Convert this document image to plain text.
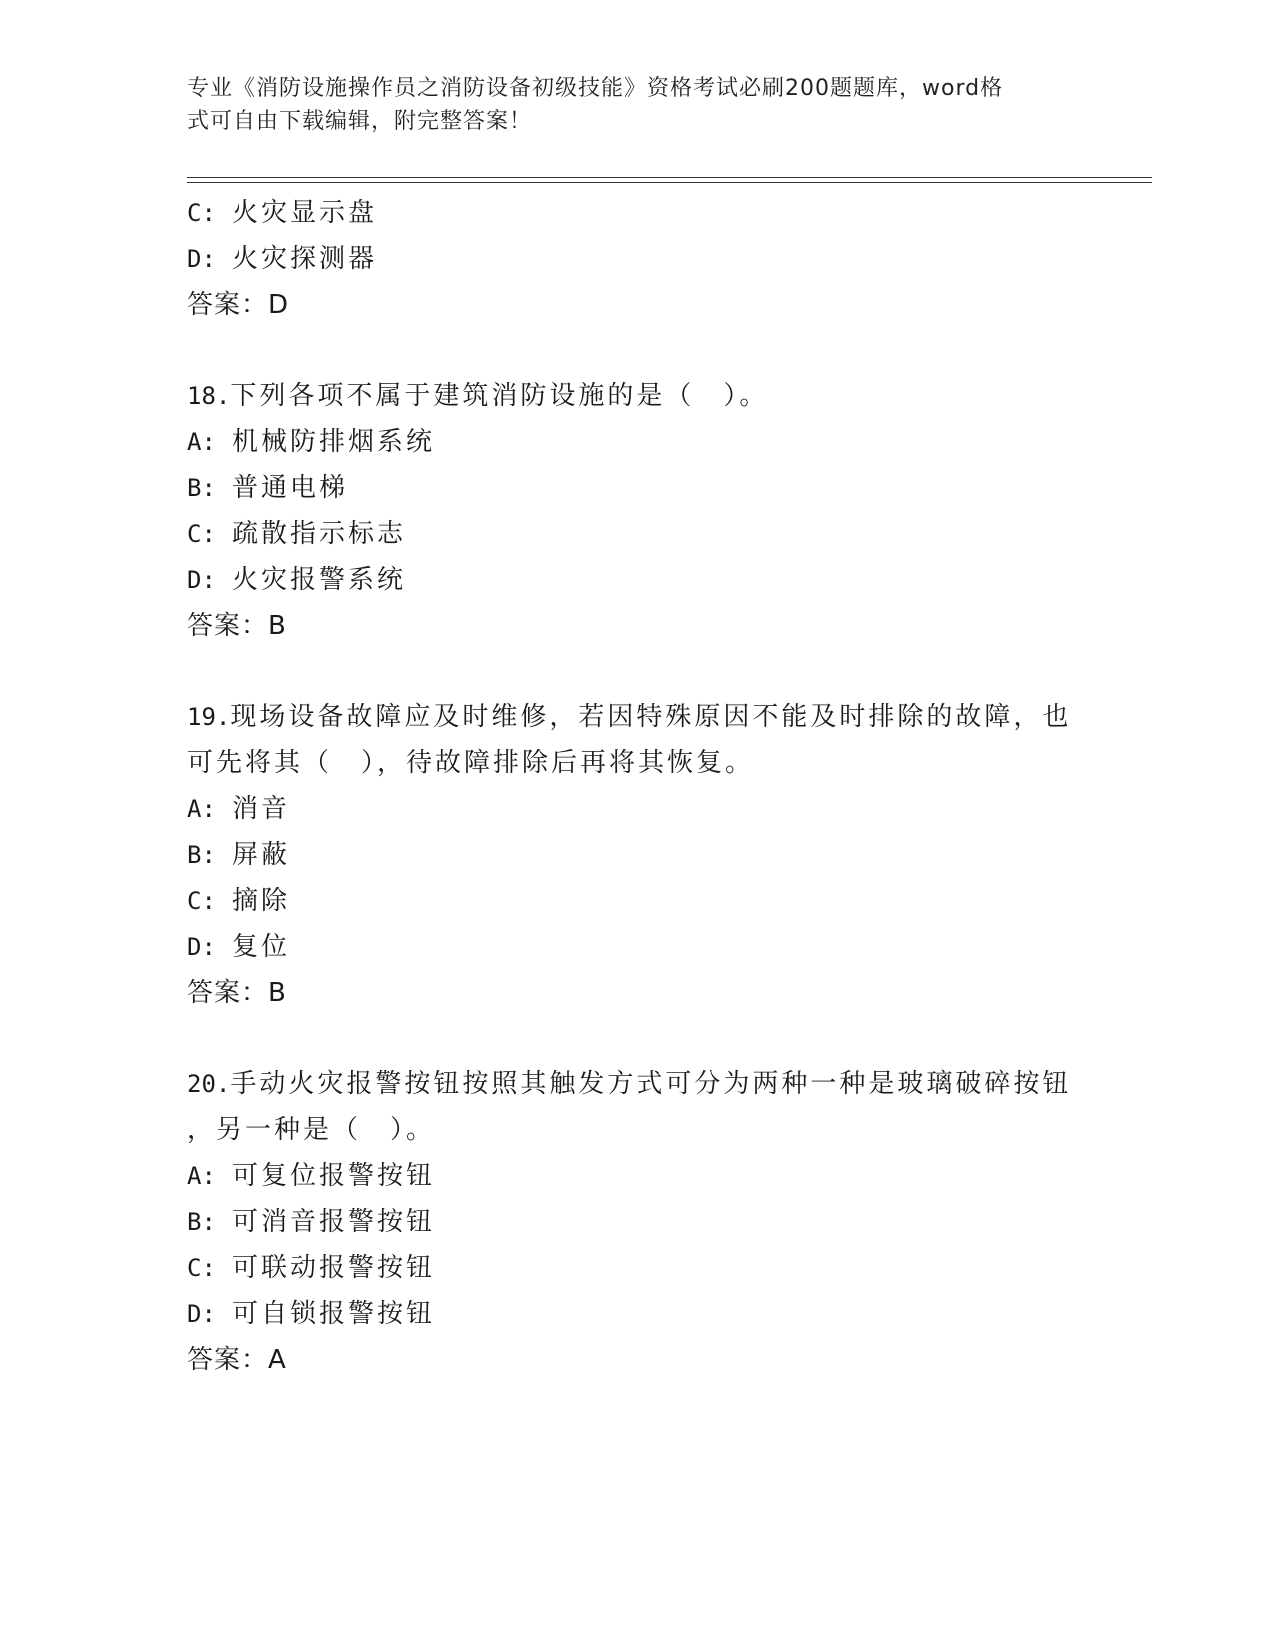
专业《消防设施操作员之消防设备初级技能》资格考试必刷200题题库，word格
式可自由下载编辑，附完整答案！
C: 火灾显示盘
D: 火灾探测器
答案：D
18.下列各项不属于建筑消防设施的是（　）。
A: 机械防排烟系统
B: 普通电梯
C: 疏散指示标志
D: 火灾报警系统
答案：B
19.现场设备故障应及时维修，若因特殊原因不能及时排除的故障，也
可先将其（　），待故障排除后再将其恢复。
A: 消音
B: 屏蔽
C: 摘除
D: 复位
答案：B
20.手动火灾报警按钮按照其触发方式可分为两种一种是玻璃破碎按钮
，另一种是（　）。
A: 可复位报警按钮
B: 可消音报警按钮
C: 可联动报警按钮
D: 可自锁报警按钮
答案：A
